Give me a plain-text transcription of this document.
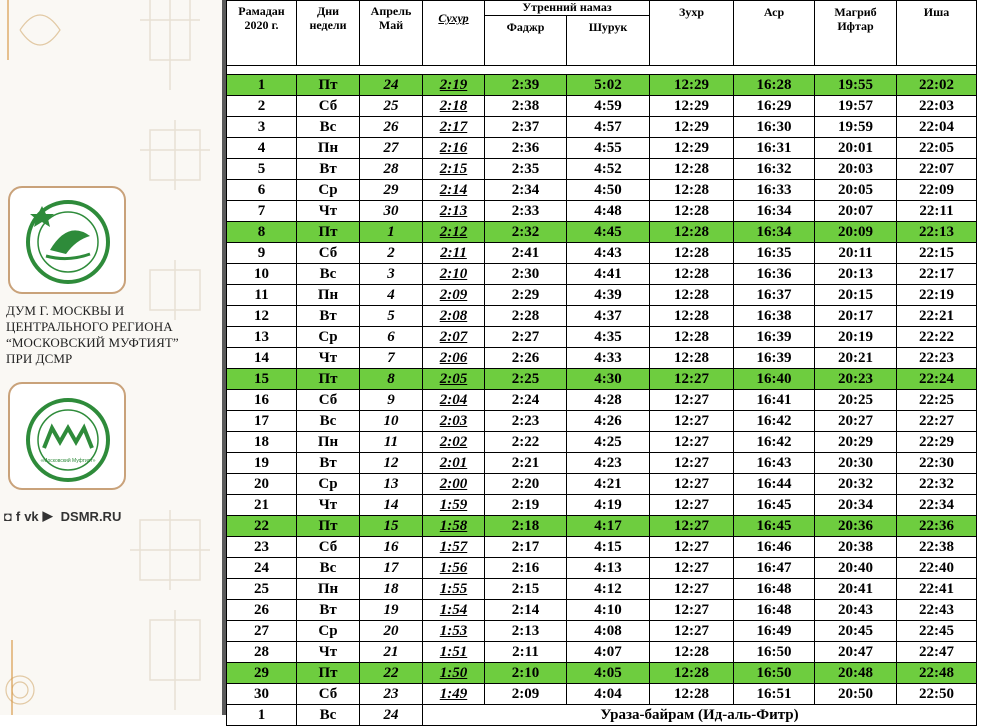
ДУМ Г. МОСКВЫ И
ЦЕНТРАЛЬНОГО РЕГИОНА
“МОСКОВСКИЙ МУФТИЯТ”
ПРИ ДСМР
«Московский Муфтият»
◘ f vk ▶ DSMR.RU
Рамадан 2020 г.	Дни недели	Апрель Май	Сухур	Утренний намаз		Зухр	Аср	Магриб Ифтар	Иша
				Фаджр	Шурук				

1	Пт	24	2:19	2:39	5:02	12:29	16:28	19:55	22:02
2	Сб	25	2:18	2:38	4:59	12:29	16:29	19:57	22:03
3	Вс	26	2:17	2:37	4:57	12:29	16:30	19:59	22:04
4	Пн	27	2:16	2:36	4:55	12:29	16:31	20:01	22:05
5	Вт	28	2:15	2:35	4:52	12:28	16:32	20:03	22:07
6	Ср	29	2:14	2:34	4:50	12:28	16:33	20:05	22:09
7	Чт	30	2:13	2:33	4:48	12:28	16:34	20:07	22:11
8	Пт	1	2:12	2:32	4:45	12:28	16:34	20:09	22:13
9	Сб	2	2:11	2:41	4:43	12:28	16:35	20:11	22:15
10	Вс	3	2:10	2:30	4:41	12:28	16:36	20:13	22:17
11	Пн	4	2:09	2:29	4:39	12:28	16:37	20:15	22:19
12	Вт	5	2:08	2:28	4:37	12:28	16:38	20:17	22:21
13	Ср	6	2:07	2:27	4:35	12:28	16:39	20:19	22:22
14	Чт	7	2:06	2:26	4:33	12:28	16:39	20:21	22:23
15	Пт	8	2:05	2:25	4:30	12:27	16:40	20:23	22:24
16	Сб	9	2:04	2:24	4:28	12:27	16:41	20:25	22:25
17	Вс	10	2:03	2:23	4:26	12:27	16:42	20:27	22:27
18	Пн	11	2:02	2:22	4:25	12:27	16:42	20:29	22:29
19	Вт	12	2:01	2:21	4:23	12:27	16:43	20:30	22:30
20	Ср	13	2:00	2:20	4:21	12:27	16:44	20:32	22:32
21	Чт	14	1:59	2:19	4:19	12:27	16:45	20:34	22:34
22	Пт	15	1:58	2:18	4:17	12:27	16:45	20:36	22:36
23	Сб	16	1:57	2:17	4:15	12:27	16:46	20:38	22:38
24	Вс	17	1:56	2:16	4:13	12:27	16:47	20:40	22:40
25	Пн	18	1:55	2:15	4:12	12:27	16:48	20:41	22:41
26	Вт	19	1:54	2:14	4:10	12:27	16:48	20:43	22:43
27	Ср	20	1:53	2:13	4:08	12:27	16:49	20:45	22:45
28	Чт	21	1:51	2:11	4:07	12:28	16:50	20:47	22:47
29	Пт	22	1:50	2:10	4:05	12:28	16:50	20:48	22:48
30	Сб	23	1:49	2:09	4:04	12:28	16:51	20:50	22:50
1	Вс	24	Ураза-байрам (Ид-аль-Фитр)						
